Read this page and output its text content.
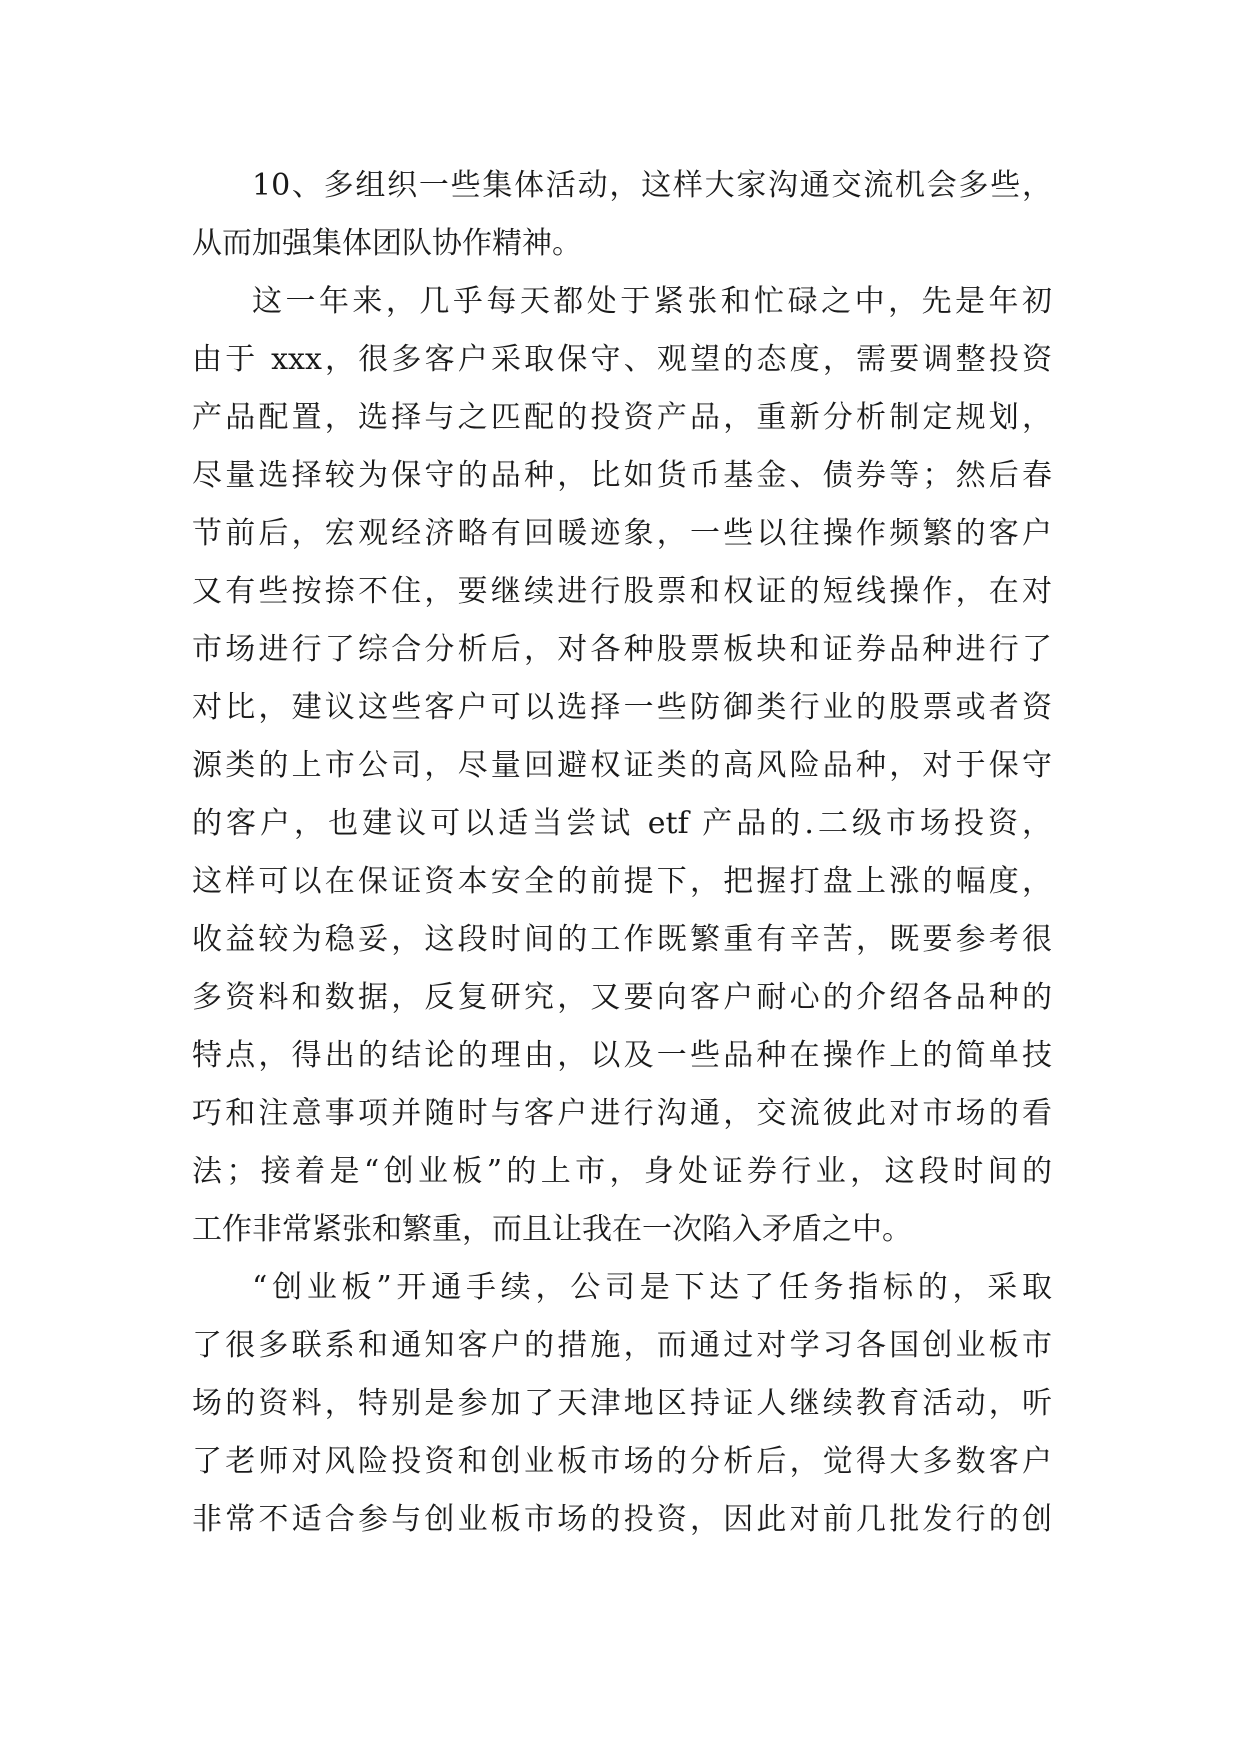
10、多组织一些集体活动，这样大家沟通交流机会多些，
从而加强集体团队协作精神。
这一年来，几乎每天都处于紧张和忙碌之中，先是年初
由于 xxx，很多客户采取保守、观望的态度，需要调整投资
产品配置，选择与之匹配的投资产品，重新分析制定规划，
尽量选择较为保守的品种，比如货币基金、债券等；然后春
节前后，宏观经济略有回暖迹象，一些以往操作频繁的客户
又有些按捺不住，要继续进行股票和权证的短线操作，在对
市场进行了综合分析后，对各种股票板块和证券品种进行了
对比，建议这些客户可以选择一些防御类行业的股票或者资
源类的上市公司，尽量回避权证类的高风险品种，对于保守
的客户，也建议可以适当尝试 etf 产品的.二级市场投资，
这样可以在保证资本安全的前提下，把握打盘上涨的幅度，
收益较为稳妥，这段时间的工作既繁重有辛苦，既要参考很
多资料和数据，反复研究，又要向客户耐心的介绍各品种的
特点，得出的结论的理由，以及一些品种在操作上的简单技
巧和注意事项并随时与客户进行沟通，交流彼此对市场的看
法；接着是“创业板”的上市，身处证券行业，这段时间的
工作非常紧张和繁重，而且让我在一次陷入矛盾之中。
“创业板”开通手续，公司是下达了任务指标的，采取
了很多联系和通知客户的措施，而通过对学习各国创业板市
场的资料，特别是参加了天津地区持证人继续教育活动，听
了老师对风险投资和创业板市场的分析后，觉得大多数客户
非常不适合参与创业板市场的投资，因此对前几批发行的创
